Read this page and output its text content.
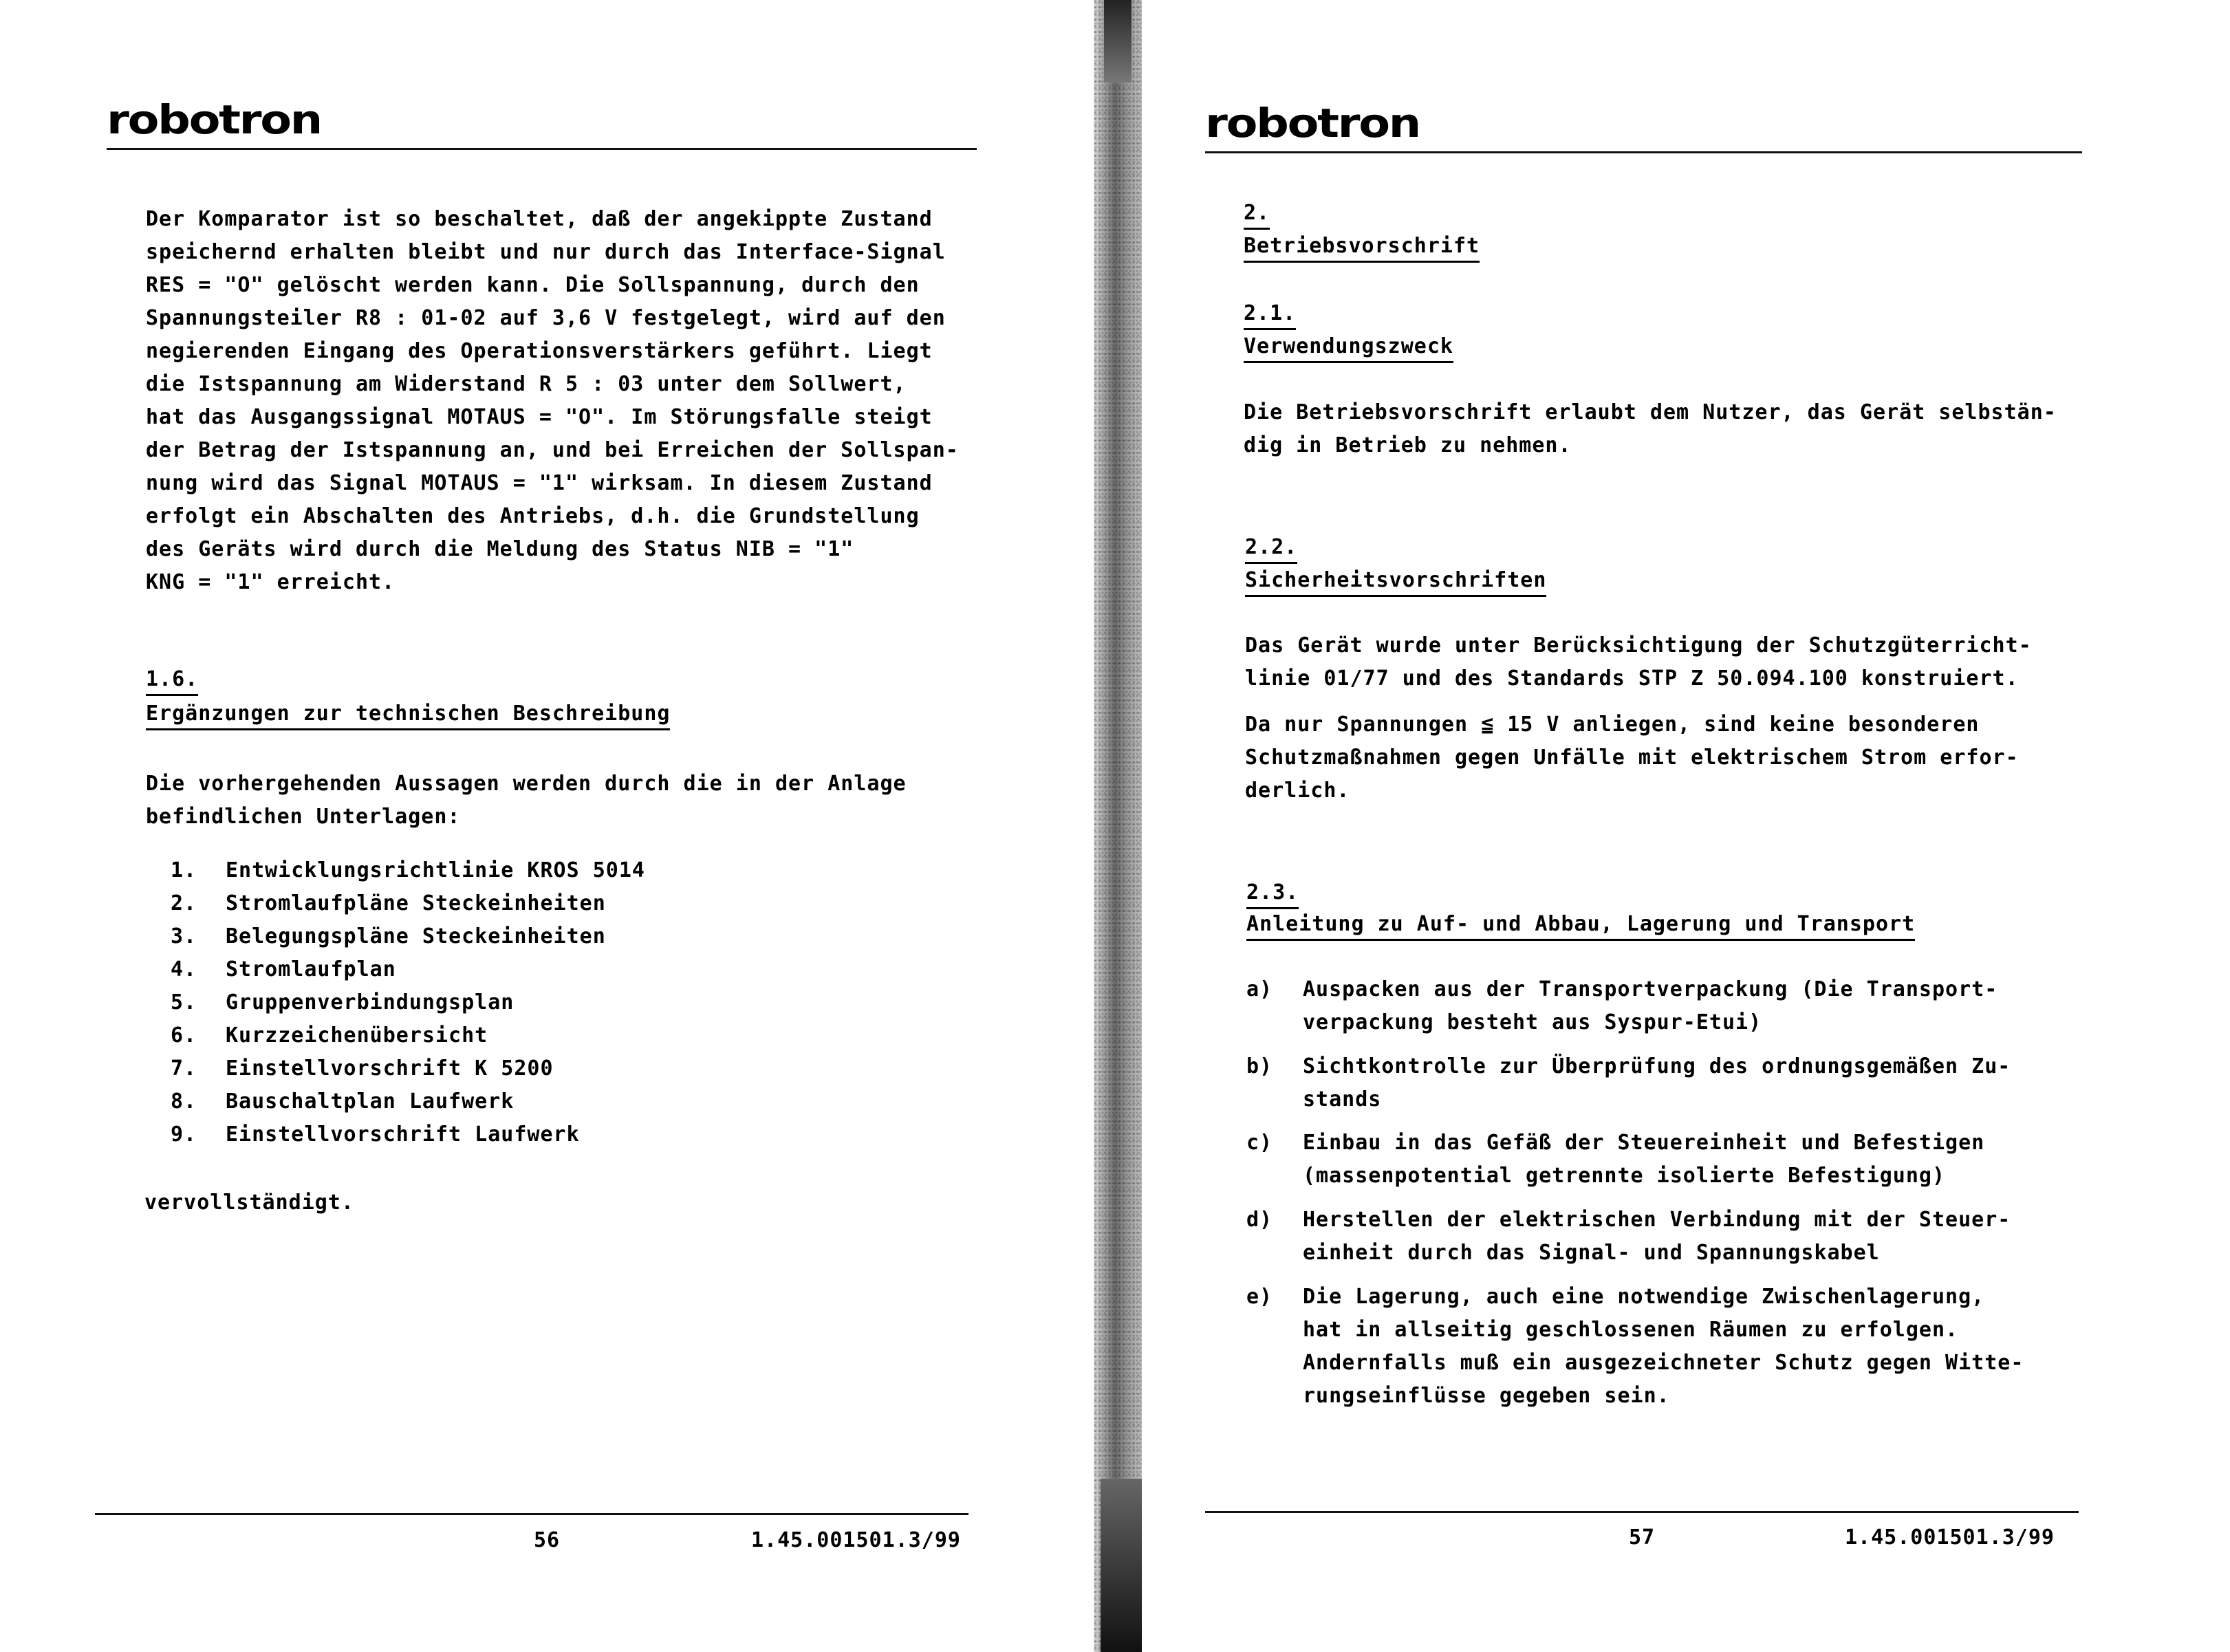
robotron
Der Komparator ist so beschaltet, daß der angekippte Zustand
speichernd erhalten bleibt und nur durch das Interface-Signal
RES = "O" gelöscht werden kann. Die Sollspannung, durch den
Spannungsteiler R8 : 01-02 auf 3,6 V festgelegt, wird auf den
negierenden Eingang des Operationsverstärkers geführt. Liegt
die Istspannung am Widerstand R 5 : 03 unter dem Sollwert,
hat das Ausgangssignal MOTAUS = "O". Im Störungsfalle steigt
der Betrag der Istspannung an, und bei Erreichen der Sollspan-
nung wird das Signal MOTAUS = "1" wirksam. In diesem Zustand
erfolgt ein Abschalten des Antriebs, d.h. die Grundstellung
des Geräts wird durch die Meldung des Status NIB = "1"
KNG = "1" erreicht.
1.6.
Ergänzungen zur technischen Beschreibung
Die vorhergehenden Aussagen werden durch die in der Anlage
befindlichen Unterlagen:
1. Entwicklungsrichtlinie KROS 5014
2. Stromlaufpläne Steckeinheiten
3. Belegungspläne Steckeinheiten
4. Stromlaufplan
5. Gruppenverbindungsplan
6. Kurzzeichenübersicht
7. Einstellvorschrift K 5200
8. Bauschaltplan Laufwerk
9. Einstellvorschrift Laufwerk
vervollständigt.
56	1.45.001501.3/99
robotron
2.
Betriebsvorschrift
2.1.
Verwendungszweck
Die Betriebsvorschrift erlaubt dem Nutzer, das Gerät selbstän-
dig in Betrieb zu nehmen.
2.2.
Sicherheitsvorschriften
Das Gerät wurde unter Berücksichtigung der Schutzgüterricht-
linie 01/77 und des Standards STP Z 50.094.100 konstruiert.
Da nur Spannungen ≦ 15 V anliegen, sind keine besonderen
Schutzmaßnahmen gegen Unfälle mit elektrischem Strom erfor-
derlich.
2.3.
Anleitung zu Auf- und Abbau, Lagerung und Transport
a) Auspacken aus der Transportverpackung (Die Transport-
verpackung besteht aus Syspur-Etui)
b) Sichtkontrolle zur Überprüfung des ordnungsgemäßen Zu-
stands
c) Einbau in das Gefäß der Steuereinheit und Befestigen
(massenpotential getrennte isolierte Befestigung)
d) Herstellen der elektrischen Verbindung mit der Steuer-
einheit durch das Signal- und Spannungskabel
e) Die Lagerung, auch eine notwendige Zwischenlagerung,
hat in allseitig geschlossenen Räumen zu erfolgen.
Andernfalls muß ein ausgezeichneter Schutz gegen Witte-
rungseinflüsse gegeben sein.
57	1.45.001501.3/99
